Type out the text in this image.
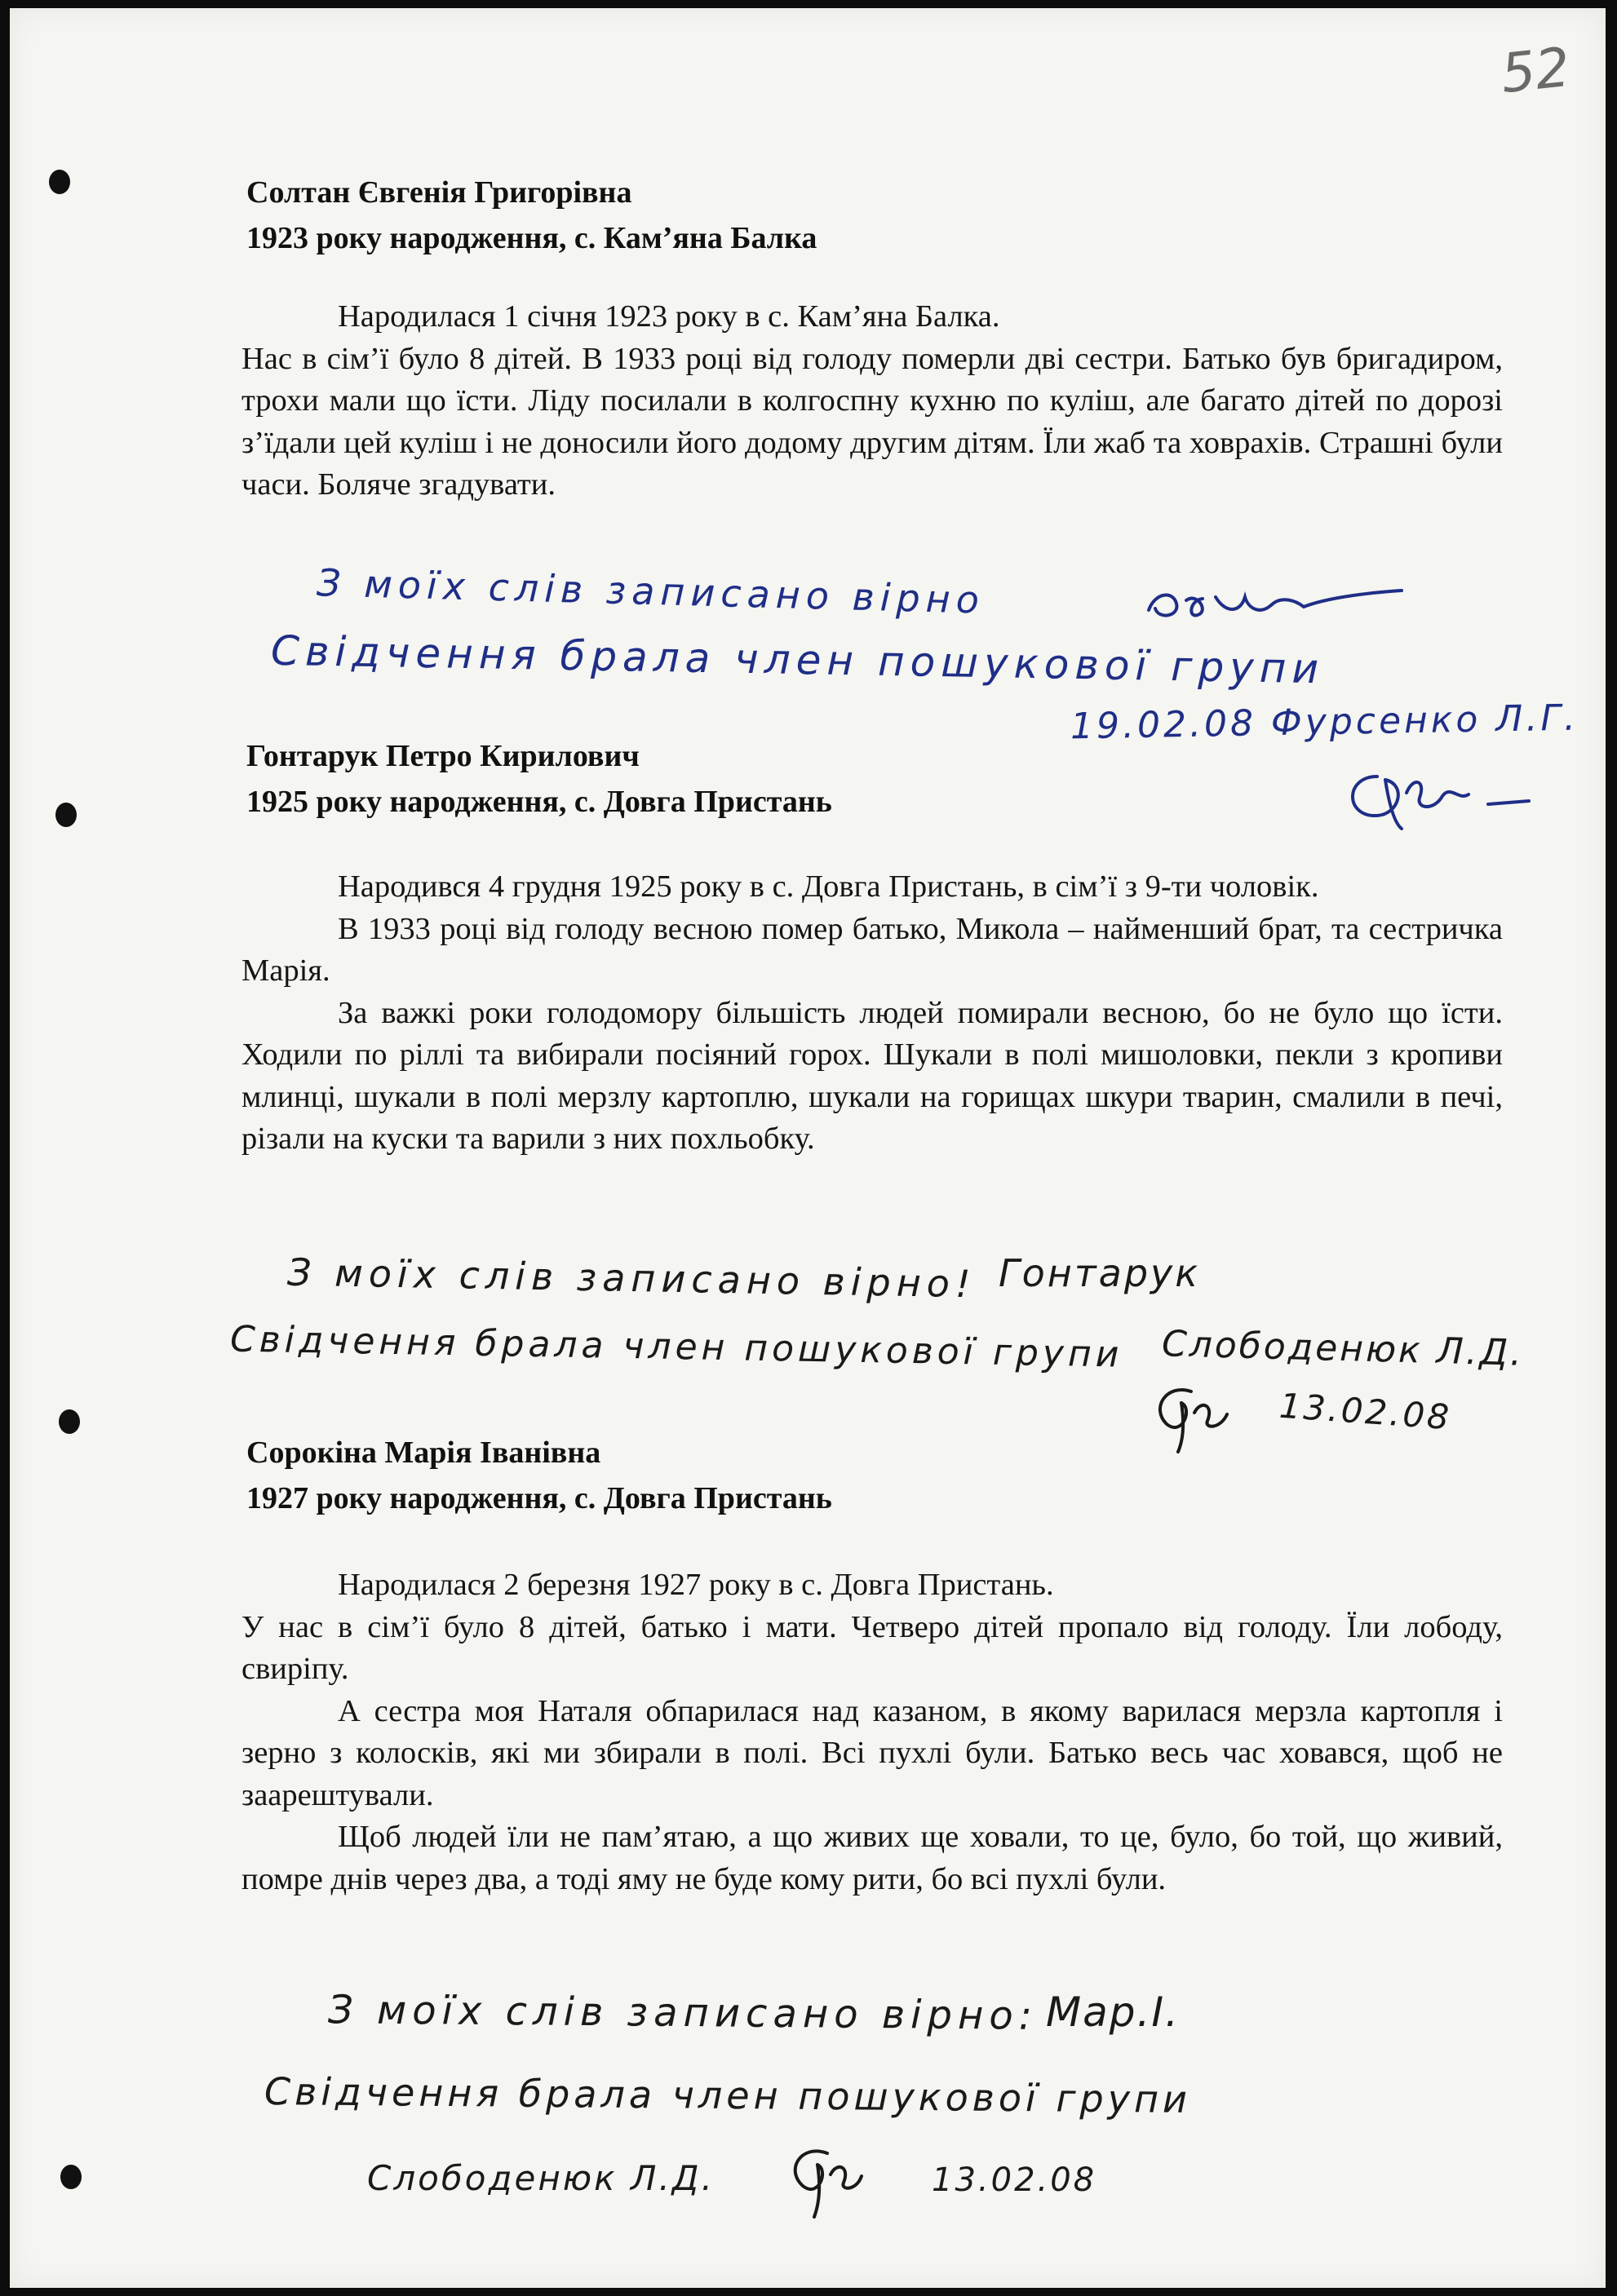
52
Солтан Євгенія Григорівна
1923 року народження, с. Кам’яна Балка

Народилася 1 січня 1923 року в с. Кам’яна Балка.

Нас в сім’ї було 8 дітей. В 1933 році від голоду померли дві сестри. Батько був бригадиром, трохи мали що їсти. Ліду посилали в колгоспну кухню по куліш, але багато дітей по дорозі з’їдали цей куліш і не доносили його додому другим дітям. Їли жаб та ховрахів. Страшні були часи. Боляче згадувати.

З моїх слів записано вірно
Свідчення брала член пошукової групи
19.02.08 Фурсенко Л.Г.
Гонтарук Петро Кирилович
1925 року народження, с. Довга Пристань

Народився 4 грудня 1925 року в с. Довга Пристань, в сім’ї з 9-ти чоловік.

В 1933 році від голоду весною помер батько, Микола – найменший брат, та сестричка Марія.

За важкі роки голодомору більшість людей помирали весною, бо не було що їсти. Ходили по ріллі та вибирали посіяний горох. Шукали в полі мишоловки, пекли з кропиви млинці, шукали в полі мерзлу картоплю, шукали на горищах шкури тварин, смалили в печі, різали на куски та варили з них похльобку.

З моїх слів записано вірно! Гонтарук
Свідчення брала член пошукової групи Слободенюк Л.Д.
13.02.08
Сорокіна Марія Іванівна
1927 року народження, с. Довга Пристань

Народилася 2 березня 1927 року в с. Довга Пристань.

У нас в сім’ї було 8 дітей, батько і мати. Четверо дітей пропало від голоду. Їли лободу, свиріпу.

А сестра моя Наталя обпарилася над казаном, в якому варилася мерзла картопля і зерно з колосків, які ми збирали в полі. Всі пухлі були. Батько весь час ховався, щоб не заарештували.

Щоб людей їли не пам’ятаю, а що живих ще ховали, то це, було, бо той, що живий, помре днів через два, а тоді яму не буде кому рити, бо всі пухлі були.

З моїх слів записано вірно: Мар.І.
Свідчення брала член пошукової групи
Слободенюк Л.Д.	13.02.08
